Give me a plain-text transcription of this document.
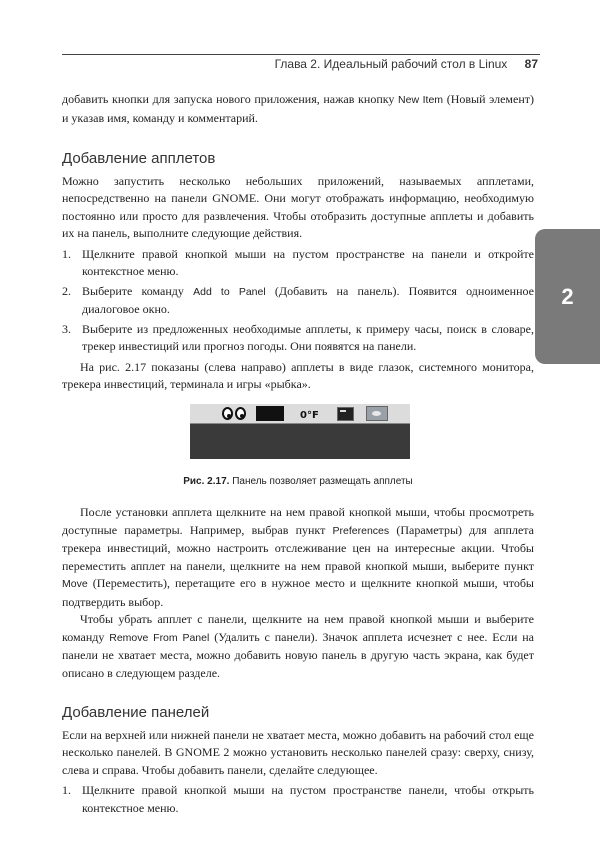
Глава 2. Идеальный рабочий стол в Linux 87
2

добавить кнопки для запуска нового приложения, нажав кнопку New Item (Новый элемент) и указав имя, команду и комментарий.

Добавление апплетов

Можно запустить несколько небольших приложений, называемых апплетами, непосредственно на панели GNOME. Они могут отображать информацию, необходимую постоянно или просто для развлечения. Чтобы отобразить доступные апплеты и добавить их на панель, выполните следующие действия.

1. Щелкните правой кнопкой мыши на пустом пространстве на панели и откройте контекстное меню.
2. Выберите команду Add to Panel (Добавить на панель). Появится одноименное диалоговое окно.
3. Выберите из предложенных необходимые апплеты, к примеру часы, поиск в словаре, трекер инвестиций или прогноз погоды. Они появятся на панели.

На рис. 2.17 показаны (слева направо) апплеты в виде глазок, системного монитора, трекера инвестиций, терминала и игры «рыбка».

0°F
Рис. 2.17. Панель позволяет размещать апплеты

После установки апплета щелкните на нем правой кнопкой мыши, чтобы просмотреть доступные параметры. Например, выбрав пункт Preferences (Параметры) для апплета трекера инвестиций, можно настроить отслеживание цен на интересные акции. Чтобы переместить апплет на панели, щелкните на нем правой кнопкой мыши, выберите пункт Move (Переместить), перетащите его в нужное место и щелкните кнопкой мыши, чтобы подтвердить выбор.

Чтобы убрать апплет с панели, щелкните на нем правой кнопкой мыши и выберите команду Remove From Panel (Удалить с панели). Значок апплета исчезнет с нее. Если на панели не хватает места, можно добавить новую панель в другую часть экрана, как будет описано в следующем разделе.

Добавление панелей

Если на верхней или нижней панели не хватает места, можно добавить на рабочий стол еще несколько панелей. В GNOME 2 можно установить несколько панелей сразу: сверху, снизу, слева и справа. Чтобы добавить панели, сделайте следующее.

1. Щелкните правой кнопкой мыши на пустом пространстве панели, чтобы открыть контекстное меню.
